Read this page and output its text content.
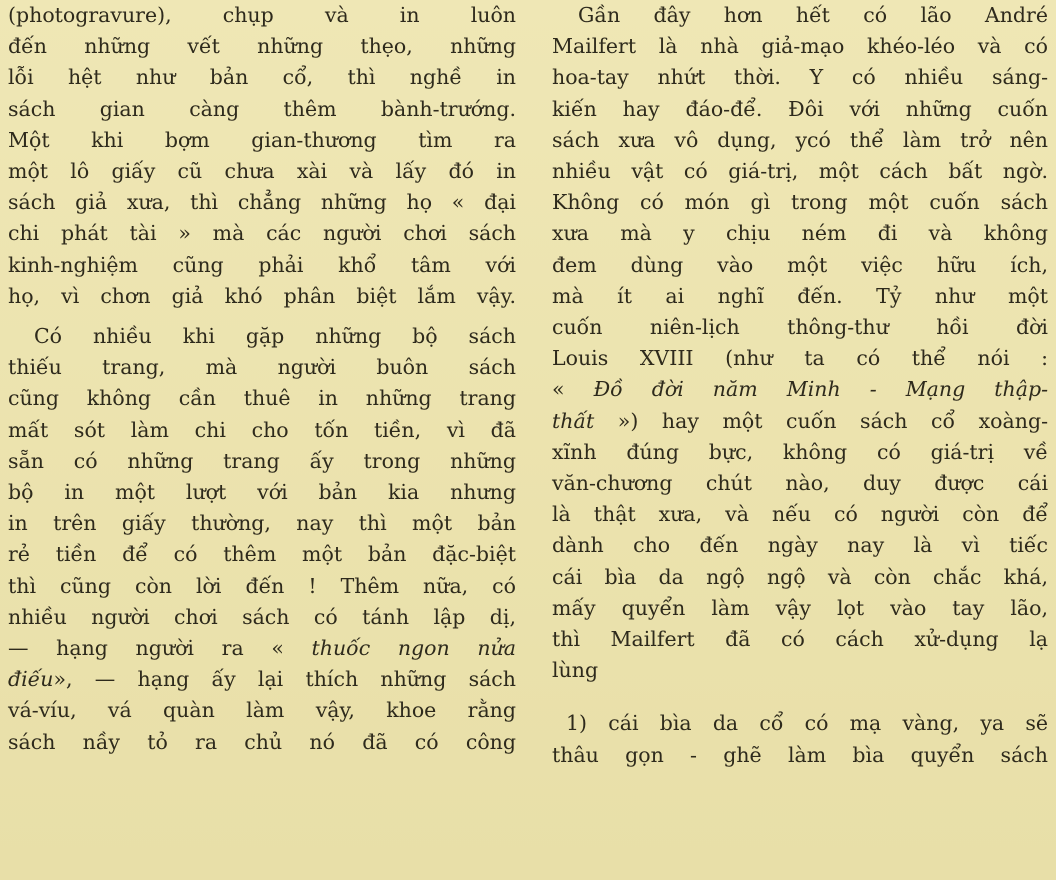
(photogravure), chụp và in luôn
đến những vết những thẹo, những
lỗi hệt như bản cổ, thì nghề in
sách gian càng thêm bành-trướng.
Một khi bợm gian-thương tìm ra
một lô giấy cũ chưa xài và lấy đó in
sách giả xưa, thì chẳng những họ « đại
chi phát tài » mà các người chơi sách
kinh-nghiệm cũng phải khổ tâm với
họ, vì chơn giả khó phân biệt lắm vậy.
Có nhiều khi gặp những bộ sách
thiếu trang, mà người buôn sách
cũng không cần thuê in những trang
mất sót làm chi cho tốn tiền, vì đã
sẵn có những trang ấy trong những
bộ in một lượt với bản kia nhưng
in trên giấy thường, nay thì một bản
rẻ tiền để có thêm một bản đặc-biệt
thì cũng còn lời đến ! Thêm nữa, có
nhiều người chơi sách có tánh lập dị,
— hạng người ra « thuốc ngon nửa
điếu», — hạng ấy lại thích những sách
vá-víu, vá quàn làm vậy, khoe rằng
sách nầy tỏ ra chủ nó đã có công
Gần đây hơn hết có lão André
Mailfert là nhà giả-mạo khéo-léo và có
hoa-tay nhứt thời. Y có nhiều sáng-
kiến hay đáo-để. Đôi với những cuốn
sách xưa vô dụng, ycó thể làm trở nên
nhiều vật có giá-trị, một cách bất ngờ.
Không có món gì trong một cuốn sách
xưa mà y chịu ném đi và không
đem dùng vào một việc hữu ích,
mà ít ai nghĩ đến. Tỷ như một
cuốn niên-lịch thông-thư hồi đời
Louis XVIII (như ta có thể nói :
« Đồ đời năm Minh - Mạng thập-
thất ») hay một cuốn sách cổ xoàng-
xĩnh đúng bực, không có giá-trị về
văn-chương chút nào, duy được cái
là thật xưa, và nếu có người còn để
dành cho đến ngày nay là vì tiếc
cái bìa da ngộ ngộ và còn chắc khá,
mấy quyển làm vậy lọt vào tay lão,
thì Mailfert đã có cách xử-dụng lạ
lùng
1) cái bìa da cổ có mạ vàng, ya sẽ
thâu gọn - ghẽ làm bìa quyển sách
